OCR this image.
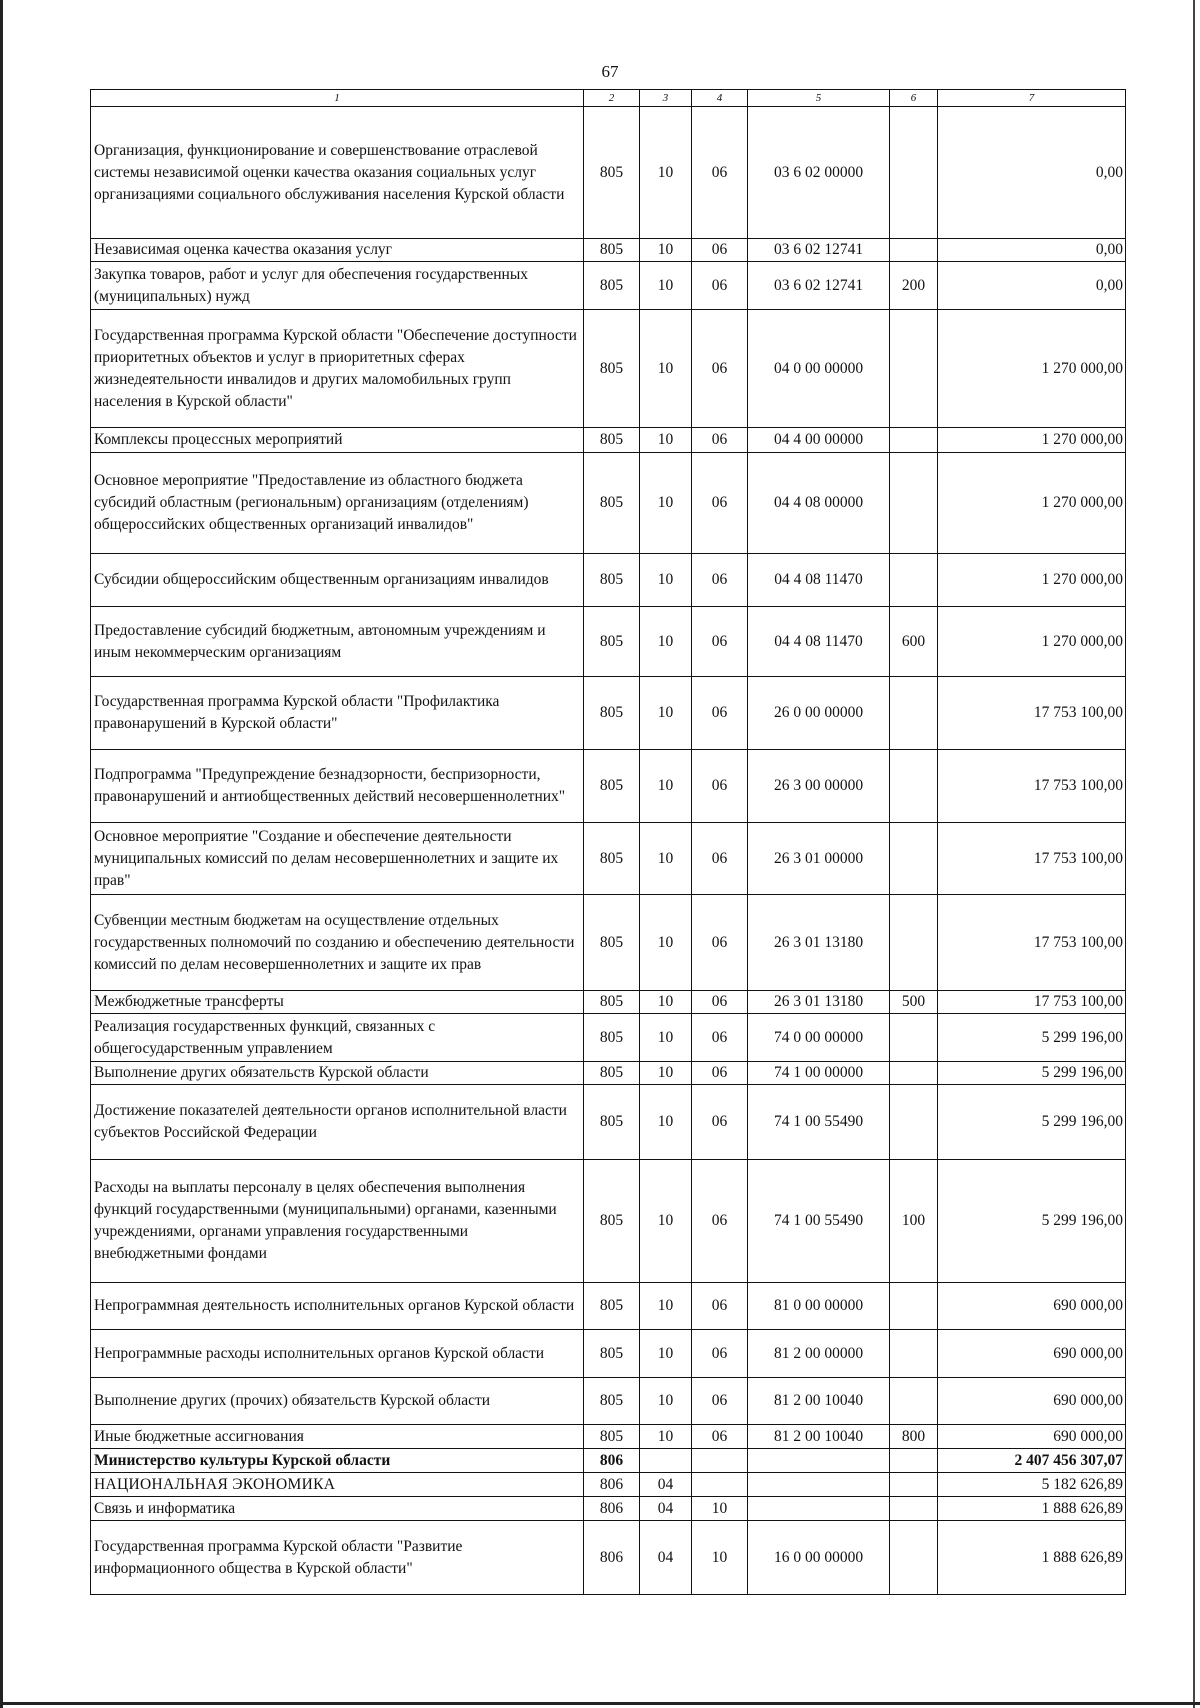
67
1	2	3	4	5	6	7
Организация, функционирование и совершенствование отраслевой системы независимой оценки качества оказания социальных услуг организациями социального обслуживания населения Курской области	805	10	06	03 6 02 00000		0,00
Независимая оценка качества оказания услуг	805	10	06	03 6 02 12741		0,00
Закупка товаров, работ и услуг для обеспечения государственных (муниципальных) нужд	805	10	06	03 6 02 12741	200	0,00
Государственная программа Курской области "Обеспечение доступности приоритетных объектов и услуг в приоритетных сферах жизнедеятельности инвалидов и других маломобильных групп населения в Курской области"	805	10	06	04 0 00 00000		1 270 000,00
Комплексы процессных мероприятий	805	10	06	04 4 00 00000		1 270 000,00
Основное мероприятие "Предоставление из областного бюджета субсидий областным (региональным) организациям (отделениям) общероссийских общественных организаций инвалидов"	805	10	06	04 4 08 00000		1 270 000,00
Субсидии общероссийским общественным организациям инвалидов	805	10	06	04 4 08 11470		1 270 000,00
Предоставление субсидий бюджетным, автономным учреждениям и иным некоммерческим организациям	805	10	06	04 4 08 11470	600	1 270 000,00
Государственная программа Курской области "Профилактика правонарушений в Курской области"	805	10	06	26 0 00 00000		17 753 100,00
Подпрограмма "Предупреждение безнадзорности, беспризорности, правонарушений и антиобщественных действий несовершеннолетних"	805	10	06	26 3 00 00000		17 753 100,00
Основное мероприятие "Создание и обеспечение деятельности муниципальных комиссий по делам несовершеннолетних и защите их прав"	805	10	06	26 3 01 00000		17 753 100,00
Субвенции местным бюджетам на осуществление отдельных государственных полномочий по созданию и обеспечению деятельности комиссий по делам несовершеннолетних и защите их прав	805	10	06	26 3 01 13180		17 753 100,00
Межбюджетные трансферты	805	10	06	26 3 01 13180	500	17 753 100,00
Реализация государственных функций, связанных с общегосударственным управлением	805	10	06	74 0 00 00000		5 299 196,00
Выполнение других обязательств Курской области	805	10	06	74 1 00 00000		5 299 196,00
Достижение показателей деятельности органов исполнительной власти субъектов Российской Федерации	805	10	06	74 1 00 55490		5 299 196,00
Расходы на выплаты персоналу в целях обеспечения выполнения функций государственными (муниципальными) органами, казенными учреждениями, органами управления государственными внебюджетными фондами	805	10	06	74 1 00 55490	100	5 299 196,00
Непрограммная деятельность исполнительных органов Курской области	805	10	06	81 0 00 00000		690 000,00
Непрограммные расходы исполнительных органов Курской области	805	10	06	81 2 00 00000		690 000,00
Выполнение других (прочих) обязательств Курской области	805	10	06	81 2 00 10040		690 000,00
Иные бюджетные ассигнования	805	10	06	81 2 00 10040	800	690 000,00
Министерство культуры Курской области	806					2 407 456 307,07
НАЦИОНАЛЬНАЯ ЭКОНОМИКА	806	04				5 182 626,89
Связь и информатика	806	04	10			1 888 626,89
Государственная программа Курской области "Развитие информационного общества в Курской области"	806	04	10	16 0 00 00000		1 888 626,89
